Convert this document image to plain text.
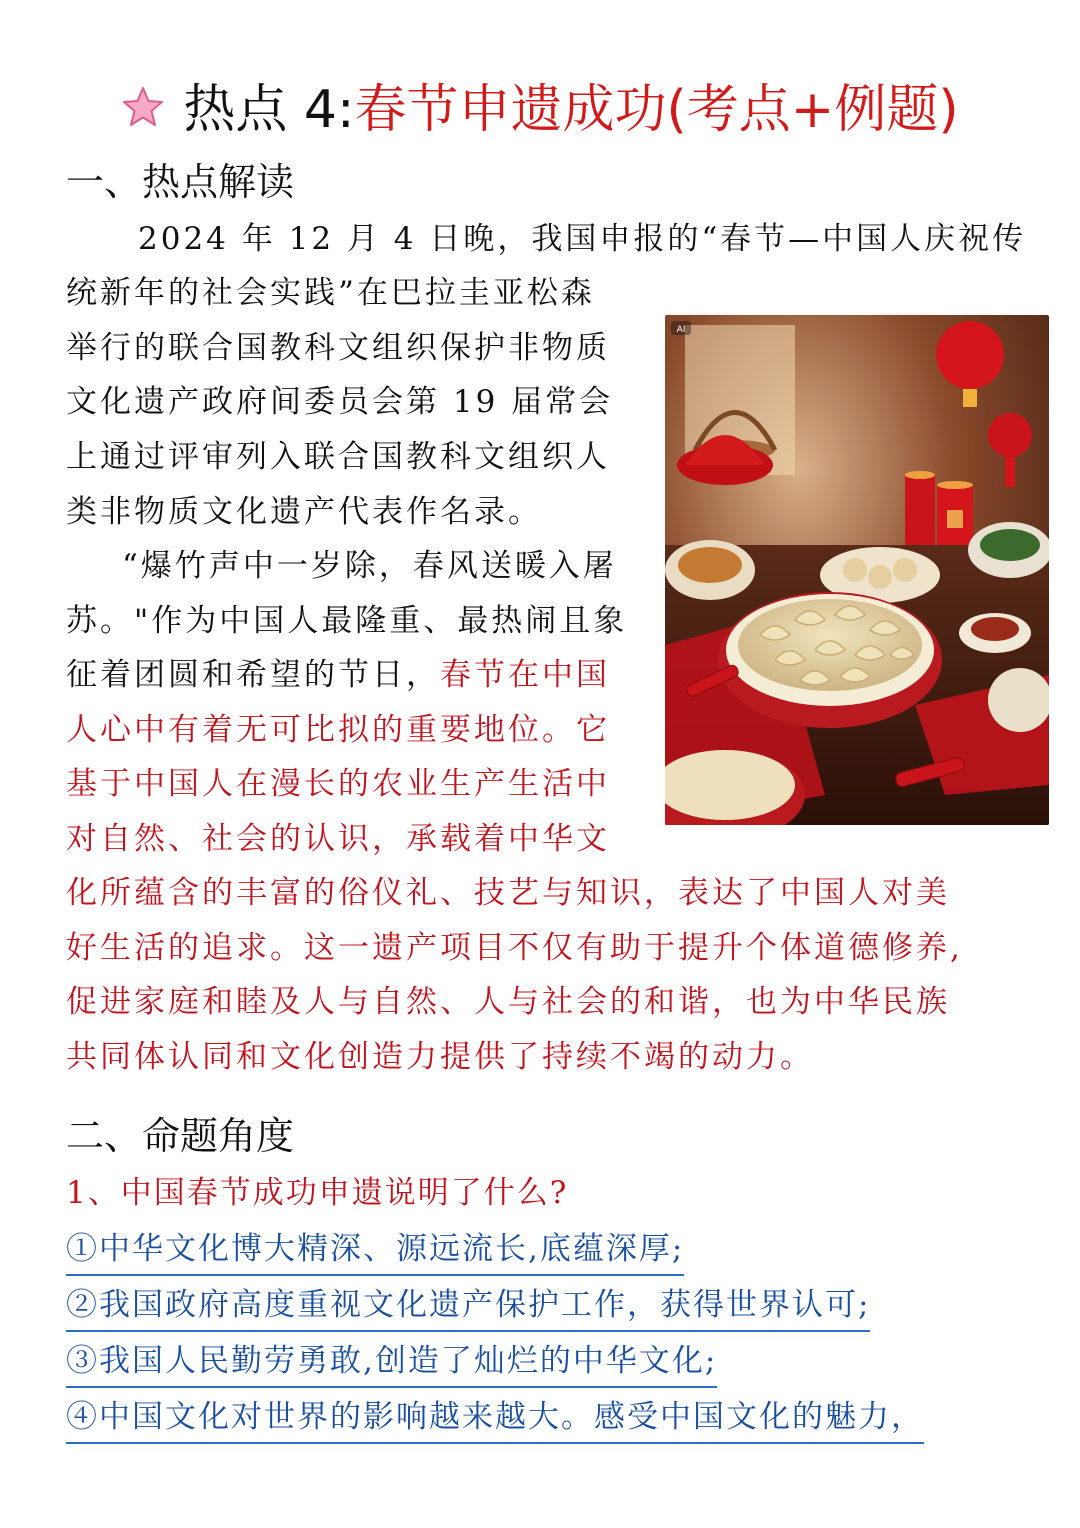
热点 4:春节申遗成功(考点+例题)
一、热点解读
2024 年 12 月 4 日晚，我国申报的“春节—中国人庆祝传
统新年的社会实践”在巴拉圭亚松森
举行的联合国教科文组织保护非物质
文化遗产政府间委员会第 19 届常会
上通过评审列入联合国教科文组织人
类非物质文化遗产代表作名录。
“爆竹声中一岁除，春风送暖入屠
苏。"作为中国人最隆重、最热闹且象
征着团圆和希望的节日，春节在中国
人心中有着无可比拟的重要地位。它
基于中国人在漫长的农业生产生活中
对自然、社会的认识，承载着中华文
化所蕴含的丰富的俗仪礼、技艺与知识，表达了中国人对美
好生活的追求。这一遗产项目不仅有助于提升个体道德修养,
促进家庭和睦及人与自然、人与社会的和谐，也为中华民族
共同体认同和文化创造力提供了持续不竭的动力。
AI
二、命题角度
1、中国春节成功申遗说明了什么?
①中华文化博大精深、源远流长,底蕴深厚;
②我国政府高度重视文化遗产保护工作，获得世界认可;
③我国人民勤劳勇敢,创造了灿烂的中华文化;
④中国文化对世界的影响越来越大。感受中国文化的魅力，
